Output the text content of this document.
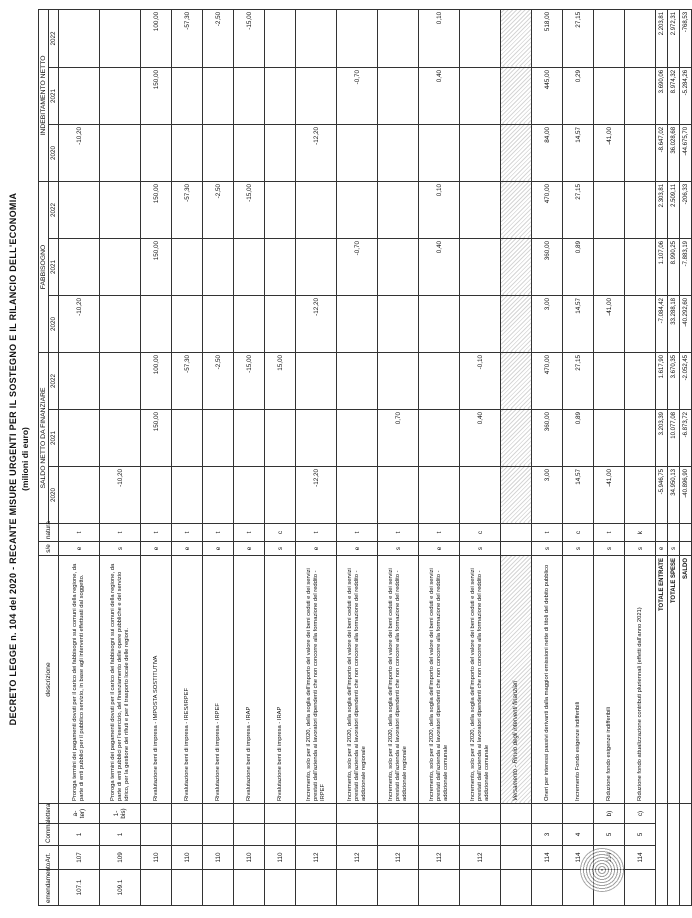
DECRETO LEGGE n. 104 del 2020 - RECANTE MISURE URGENTI PER IL SOSTEGNO E IL RILANCIO DELL'ECONOMIA (milioni di euro)
emendamento	Art.	Comma	lettera	descrizione	s/e	natura	SALDO NETTO DA FINANZIARE			FABBISOGNO			INDEBITAMENTO NETTO		
							2020	2021	2022	2020	2021	2022	2020	2021	2022
107.1	107	1	a-ter)	Proroga termini dei pagamenti dovuti per il carico dei fabbisogni sui comuni della regione, da parte di enti pubblici per il pubblico servizio, in base agli interventi effettuati dal soggetto.	e	t				-10,20			-10,20		
109.1	109	1	1-bis)	Proroga termini dei pagamenti dovuti per il carico dei fabbisogni sui comuni della regione, da parte di enti pubblici per l'esercizio, del finanziamento delle opere pubbliche e del servizio idrico, per la gestione dei rifiuti e per il trasporto locale delle regioni.	s	t	-10,20								
	110			Rivalutazione beni di impresa - IMPOSTA SOSTITUTIVA	e	t		150,00	100,00		150,00	150,00		150,00	100,00
	110			Rivalutazione beni di impresa - IRES/IRPEF	e	t			-57,30			-57,30			-57,30
	110			Rivalutazione beni di impresa - IRPEF	e	t			-2,50			-2,50			-2,50
	110			Rivalutazione beni di impresa - IRAP	e	t			-15,00			-15,00			-15,00
	110			Rivalutazione beni di impresa - IRAP	s	c			15,00						
	112			Incremento, solo per il 2020, della soglia dell'importo del valore dei beni ceduti e dei servizi prestati dall'azienda ai lavoratori dipendenti che non concorre alla formazione del reddito - IRPEF	e	t	-12,20			-12,20			-12,20		
	112			Incremento, solo per il 2020, della soglia dell'importo del valore dei beni ceduti e dei servizi prestati dall'azienda ai lavoratori dipendenti che non concorre alla formazione del reddito - addizionale regionale	e	t					-0,70			-0,70	
	112			Incremento, solo per il 2020, della soglia dell'importo del valore dei beni ceduti e dei servizi prestati dall'azienda ai lavoratori dipendenti che non concorre alla formazione del reddito - addizionale regionale	s	t		0,70							
	112			Incremento, solo per il 2020, della soglia dell'importo del valore dei beni ceduti e dei servizi prestati dall'azienda ai lavoratori dipendenti che non concorre alla formazione del reddito - addizionale comunale	e	t					0,40	0,10		0,40	0,10
	112			Incremento, solo per il 2020, della soglia dell'importo del valore dei beni ceduti e dei servizi prestati dall'azienda ai lavoratori dipendenti che non concorre alla formazione del reddito - addizionale comunale	s	c		0,40	-0,10						
				Versamento - Rinvio degli interventi finanziari											
	114	3		Oneri per interessi passivi derivanti dalla maggiori emissioni nette di titoli del debito pubblico	s	t	3,00	360,00	470,00	3,00	360,00	470,00	84,00	445,00	518,00
	114	4		Incremento Fondo esigenze indifferibili	s	c	14,57	0,89	27,15	14,57	0,89	27,15	14,57	0,29	27,15
		5	b)	Riduzione fondo esigenze indifferibili	s	t	-41,00			-41,00			-41,00		
	114	5	c)	Riduzione fondo attualizzazione contributi pluriennali (effetti dall'anno 2021)	s	k									
				TOTALE ENTRATE	e		-5.946,75	3.203,39	1.617,90	-7.084,42	1.107,06	2.303,81	-8.647,02	3.690,06	2.203,81
				TOTALE SPESE	s		34.950,13	10.077,08	3.670,35	33.288,18	8.990,25	2.509,11	36.028,68	8.974,32	2.972,31
				SALDO			-40.896,90	-6.873,72	-2.052,45	-40.292,60	-7.883,19	-206,33	-44.675,70	-5.284,26	-768,53
